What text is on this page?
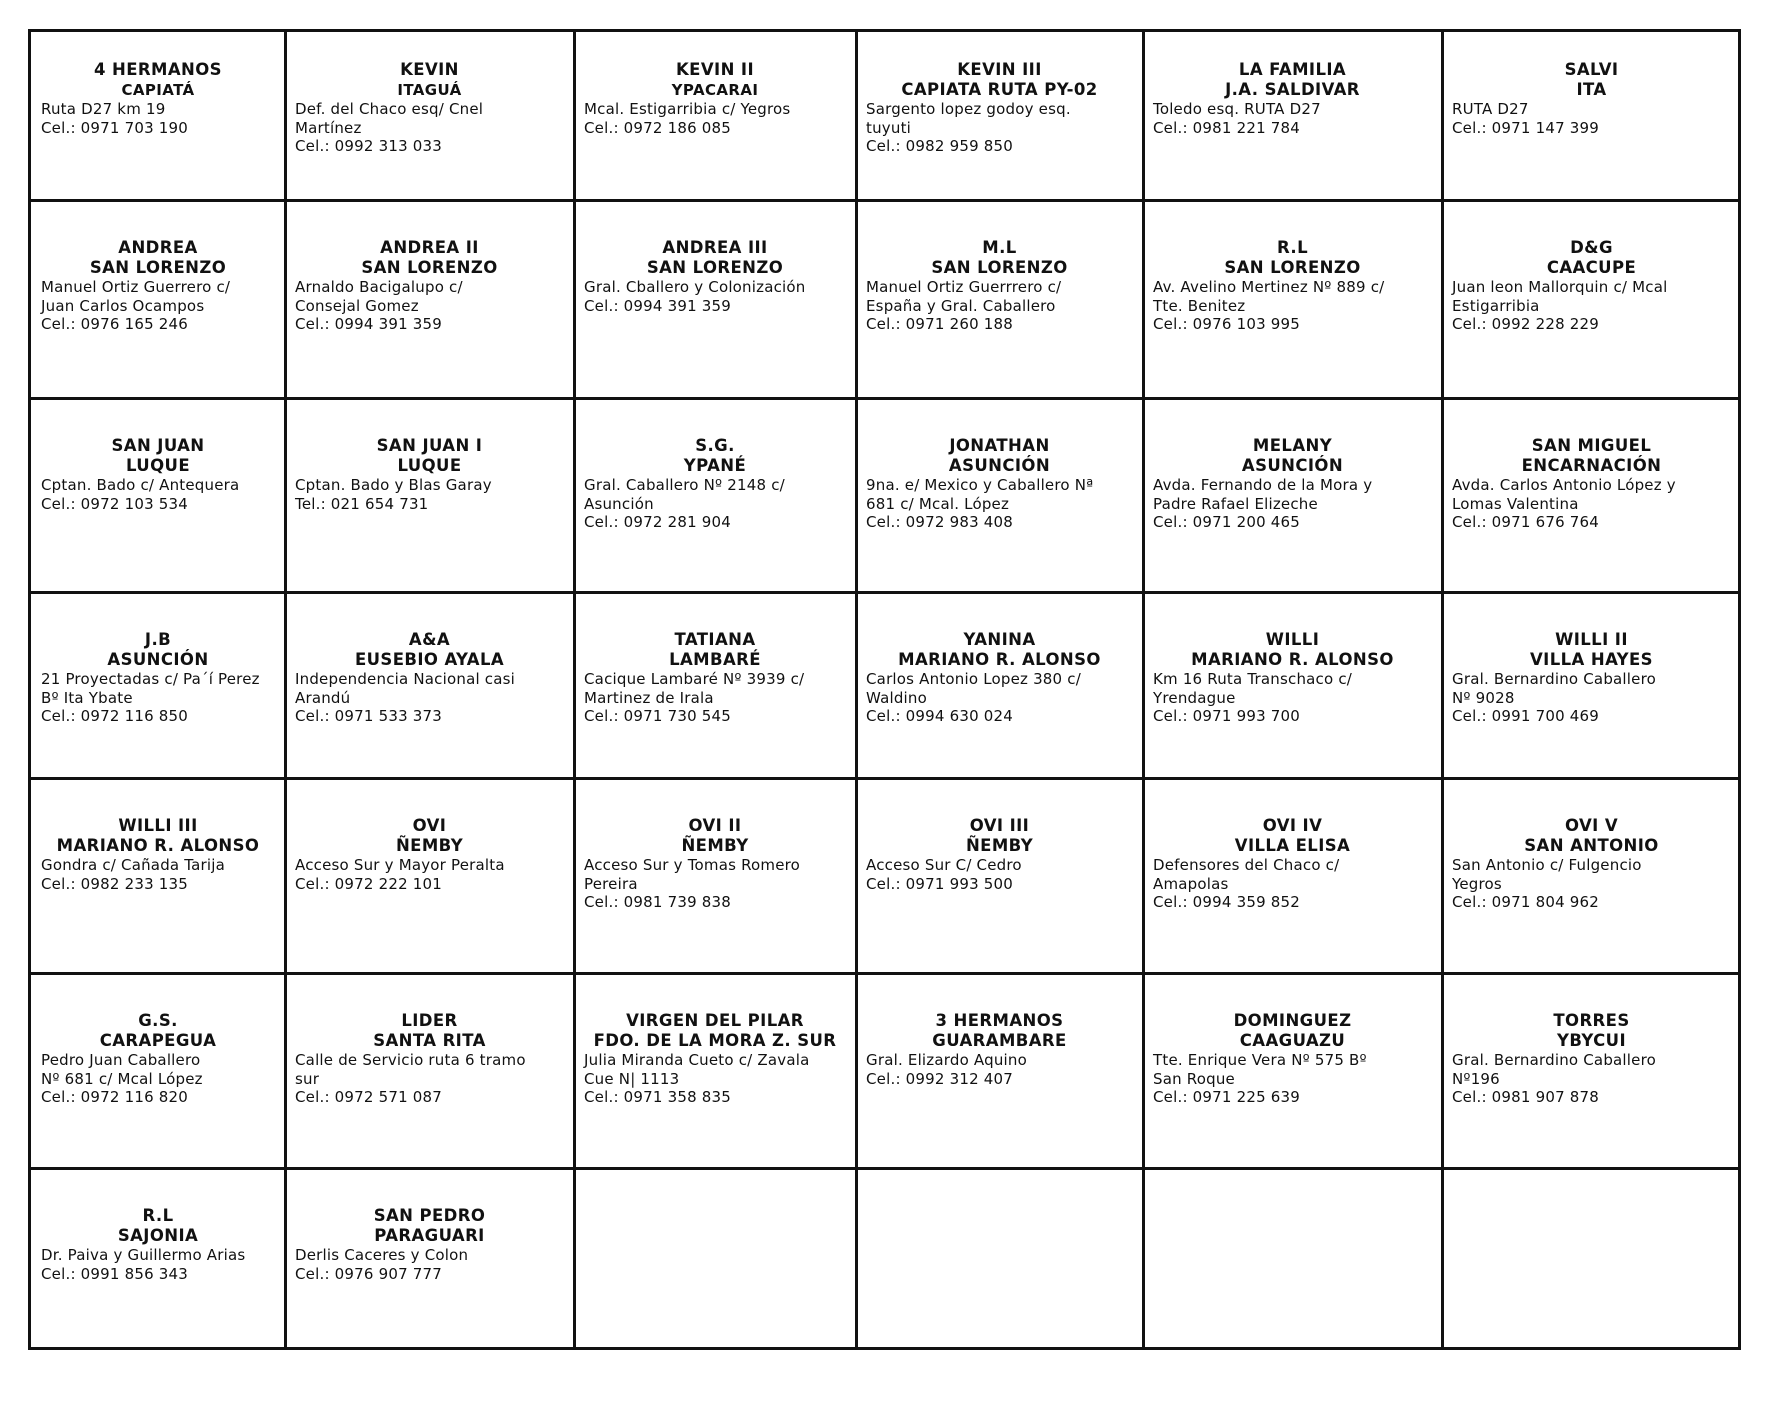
4 HERMANOS
CAPIATÁ
Ruta D27 km 19
Cel.: 0971 703 190
KEVIN
ITAGUÁ
Def. del Chaco esq/ Cnel
Martínez
Cel.: 0992 313 033
KEVIN II
YPACARAI
Mcal. Estigarribia c/ Yegros
Cel.: 0972 186 085
KEVIN III
CAPIATA RUTA PY-02
Sargento lopez godoy esq.
tuyuti
Cel.: 0982 959 850
LA FAMILIA
J.A. SALDIVAR
Toledo esq. RUTA D27
Cel.: 0981 221 784
SALVI
ITA
RUTA D27
Cel.: 0971 147 399
ANDREA
SAN LORENZO
Manuel Ortiz Guerrero c/
Juan Carlos Ocampos
Cel.: 0976 165 246
ANDREA II
SAN LORENZO
Arnaldo Bacigalupo c/
Consejal Gomez
Cel.: 0994 391 359
ANDREA III
SAN LORENZO
Gral. Cballero y Colonización
Cel.: 0994 391 359
M.L
SAN LORENZO
Manuel Ortiz Guerrrero c/
España y Gral. Caballero
Cel.: 0971 260 188
R.L
SAN LORENZO
Av. Avelino Mertinez Nº 889 c/
Tte. Benitez
Cel.: 0976 103 995
D&G
CAACUPE
Juan leon Mallorquin c/ Mcal
Estigarribia
Cel.: 0992 228 229
SAN JUAN
LUQUE
Cptan. Bado c/ Antequera
Cel.: 0972 103 534
SAN JUAN I
LUQUE
Cptan. Bado y Blas Garay
Tel.: 021 654 731
S.G.
YPANÉ
Gral. Caballero Nº 2148 c/
Asunción
Cel.: 0972 281 904
JONATHAN
ASUNCIÓN
9na. e/ Mexico y Caballero Nª
681 c/ Mcal. López
Cel.: 0972 983 408
MELANY
ASUNCIÓN
Avda. Fernando de la Mora y
Padre Rafael Elizeche
Cel.: 0971 200 465
SAN MIGUEL
ENCARNACIÓN
Avda. Carlos Antonio López y
Lomas Valentina
Cel.: 0971 676 764
J.B
ASUNCIÓN
21 Proyectadas c/ Pa´í Perez
Bº Ita Ybate
Cel.: 0972 116 850
A&A
EUSEBIO AYALA
Independencia Nacional casi
Arandú
Cel.: 0971 533 373
TATIANA
LAMBARÉ
Cacique Lambaré Nº 3939 c/
Martinez de Irala
Cel.: 0971 730 545
YANINA
MARIANO R. ALONSO
Carlos Antonio Lopez 380 c/
Waldino
Cel.: 0994 630 024
WILLI
MARIANO R. ALONSO
Km 16 Ruta Transchaco c/
Yrendague
Cel.: 0971 993 700
WILLI II
VILLA HAYES
Gral. Bernardino Caballero
Nº 9028
Cel.: 0991 700 469
WILLI III
MARIANO R. ALONSO
Gondra c/ Cañada Tarija
Cel.: 0982 233 135
OVI
ÑEMBY
Acceso Sur y Mayor Peralta
Cel.: 0972 222 101
OVI II
ÑEMBY
Acceso Sur y Tomas Romero
Pereira
Cel.: 0981 739 838
OVI III
ÑEMBY
Acceso Sur C/ Cedro
Cel.: 0971 993 500
OVI IV
VILLA ELISA
Defensores del Chaco c/
Amapolas
Cel.: 0994 359 852
OVI V
SAN ANTONIO
San Antonio c/ Fulgencio
Yegros
Cel.: 0971 804 962
G.S.
CARAPEGUA
Pedro Juan Caballero
Nº 681 c/ Mcal López
Cel.: 0972 116 820
LIDER
SANTA RITA
Calle de Servicio ruta 6 tramo
sur
Cel.: 0972 571 087
VIRGEN DEL PILAR
FDO. DE LA MORA Z. SUR
Julia Miranda Cueto c/ Zavala
Cue N| 1113
Cel.: 0971 358 835
3 HERMANOS
GUARAMBARE
Gral. Elizardo Aquino
Cel.: 0992 312 407
DOMINGUEZ
CAAGUAZU
Tte. Enrique Vera Nº 575 Bº
San Roque
Cel.: 0971 225 639
TORRES
YBYCUI
Gral. Bernardino Caballero
Nº196
Cel.: 0981 907 878
R.L
SAJONIA
Dr. Paiva y Guillermo Arias
Cel.: 0991 856 343
SAN PEDRO
PARAGUARI
Derlis Caceres y Colon
Cel.: 0976 907 777
